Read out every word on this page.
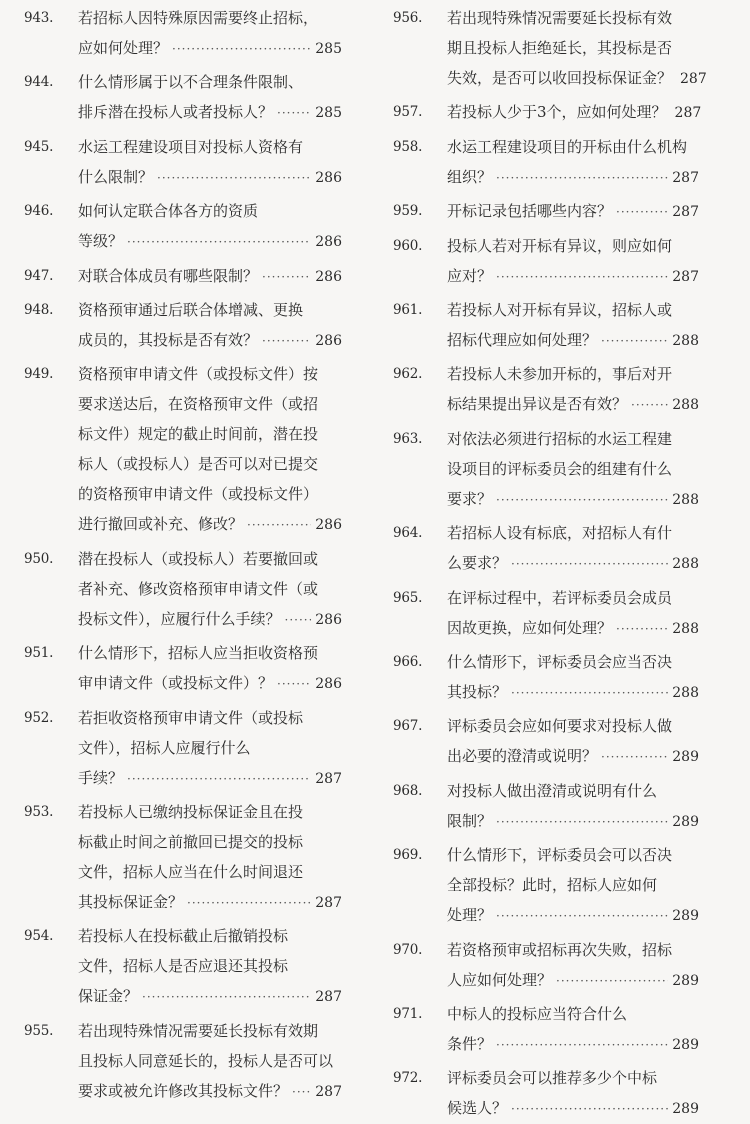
943.	若招标人因特殊原因需要终止招标，
应如何处理？ ·····	285
944.	什么情形属于以不合理条件限制、
排斥潜在投标人或者投标人？ ·····	285
945.	水运工程建设项目对投标人资格有
什么限制？ ·····	286
946.	如何认定联合体各方的资质
等级？ ·····	286
947.	对联合体成员有哪些限制？ ·····	286
948.	资格预审通过后联合体增减、更换
成员的，其投标是否有效？ ·····	286
949.	资格预审申请文件（或投标文件）按
要求送达后，在资格预审文件（或招
标文件）规定的截止时间前，潜在投
标人（或投标人）是否可以对已提交
的资格预审申请文件（或投标文件）
进行撤回或补充、修改？ ·····	286
950.	潜在投标人（或投标人）若要撤回或
者补充、修改资格预审申请文件（或
投标文件），应履行什么手续？ ····· 286
951.	什么情形下，招标人应当拒收资格预
审申请文件（或投标文件）？ ·····	286
952.	若拒收资格预审申请文件（或投标
文件），招标人应履行什么
手续？ ·····	287
953.	若投标人已缴纳投标保证金且在投
标截止时间之前撤回已提交的投标
文件，招标人应当在什么时间退还
其投标保证金？ ·····	287
954.	若投标人在投标截止后撤销投标
文件，招标人是否应退还其投标
保证金？ ·····	287
955.	若出现特殊情况需要延长投标有效期
且投标人同意延长的，投标人是否可以
要求或被允许修改其投标文件？ ····· 287
956.	若出现特殊情况需要延长投标有效
期且投标人拒绝延长，其投标是否
失效，是否可以收回投标保证金？ 287
957.	若投标人少于3个，应如何处理？ 287
958.	水运工程建设项目的开标由什么机构
组织？ ·····	287
959.	开标记录包括哪些内容？ ·····	287
960.	投标人若对开标有异议，则应如何
应对？ ·····	287
961.	若投标人对开标有异议，招标人或
招标代理应如何处理？ ·····	288
962.	若投标人未参加开标的，事后对开
标结果提出异议是否有效？ ·····	288
963.	对依法必须进行招标的水运工程建
设项目的评标委员会的组建有什么
要求？ ·····	288
964.	若招标人设有标底，对招标人有什
么要求？ ·····	288
965.	在评标过程中，若评标委员会成员
因故更换，应如何处理？ ·····	288
966.	什么情形下，评标委员会应当否决
其投标？ ·····	288
967.	评标委员会应如何要求对投标人做
出必要的澄清或说明？ ·····	289
968.	对投标人做出澄清或说明有什么
限制？ ·····	289
969.	什么情形下，评标委员会可以否决
全部投标？此时，招标人应如何
处理？ ·····	289
970.	若资格预审或招标再次失败，招标
人应如何处理？ ·····	289
971.	中标人的投标应当符合什么
条件？ ·····	289
972.	评标委员会可以推荐多少个中标
候选人？ ·····	289
